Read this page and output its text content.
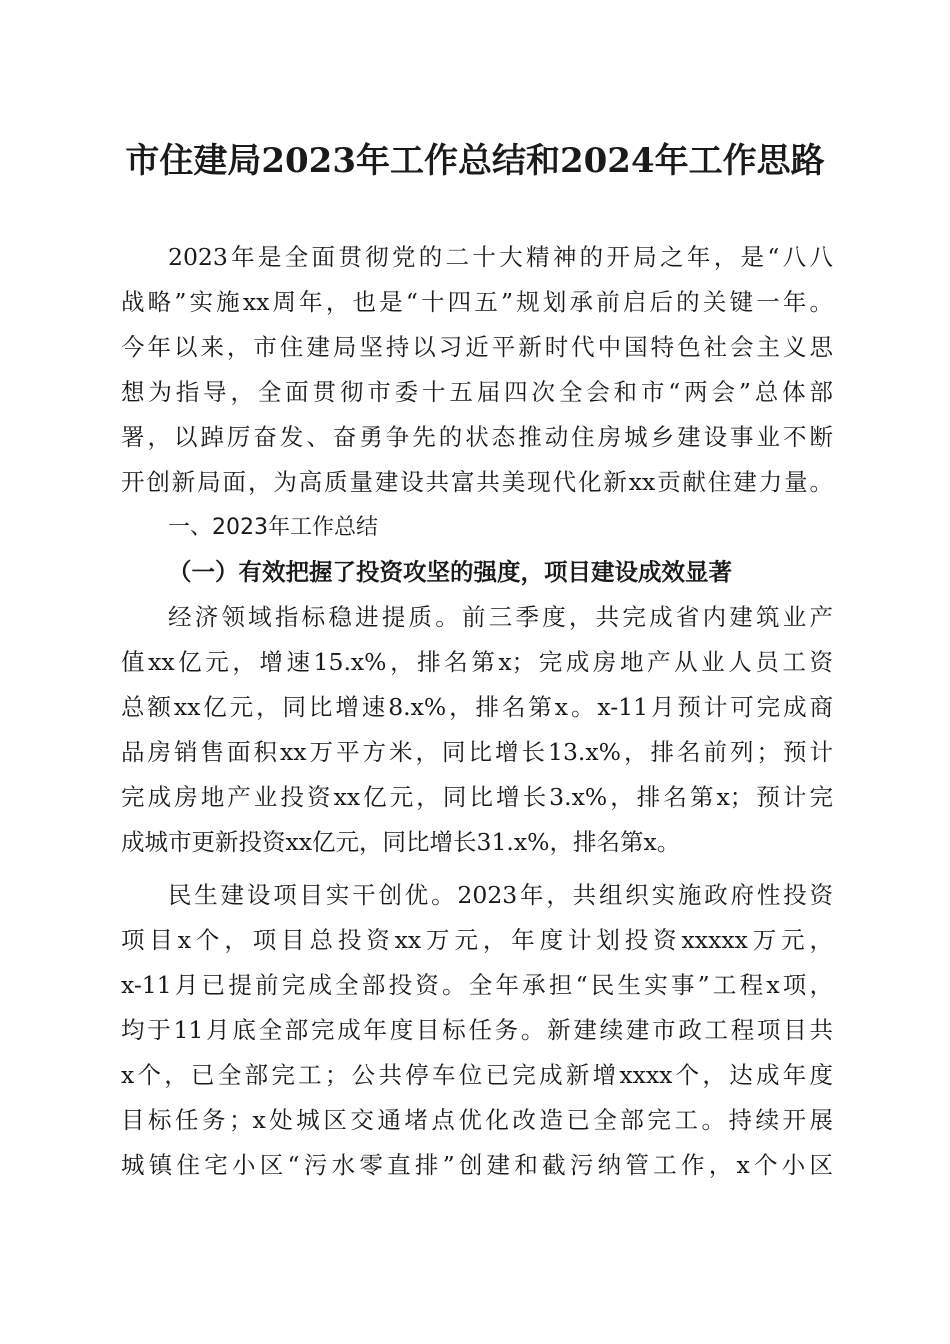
市住建局2023年工作总结和2024年工作思路
2023年是全面贯彻党的二十大精神的开局之年，是“八八
战略”实施xx周年，也是“十四五”规划承前启后的关键一年。
今年以来，市住建局坚持以习近平新时代中国特色社会主义思
想为指导，全面贯彻市委十五届四次全会和市“两会”总体部
署，以踔厉奋发、奋勇争先的状态推动住房城乡建设事业不断
开创新局面，为高质量建设共富共美现代化新xx贡献住建力量。
一、2023年工作总结
（一）有效把握了投资攻坚的强度，项目建设成效显著
经济领域指标稳进提质。前三季度，共完成省内建筑业产
值xx亿元，增速15.x%，排名第x；完成房地产从业人员工资
总额xx亿元，同比增速8.x%，排名第x。x-11月预计可完成商
品房销售面积xx万平方米，同比增长13.x%，排名前列；预计
完成房地产业投资xx亿元，同比增长3.x%，排名第x；预计完
成城市更新投资xx亿元，同比增长31.x%，排名第x。
民生建设项目实干创优。2023年，共组织实施政府性投资
项目x个，项目总投资xx万元，年度计划投资xxxxx万元，
x-11月已提前完成全部投资。全年承担“民生实事”工程x项，
均于11月底全部完成年度目标任务。新建续建市政工程项目共
x个，已全部完工；公共停车位已完成新增xxxx个，达成年度
目标任务；x处城区交通堵点优化改造已全部完工。持续开展
城镇住宅小区“污水零直排”创建和截污纳管工作，x个小区
